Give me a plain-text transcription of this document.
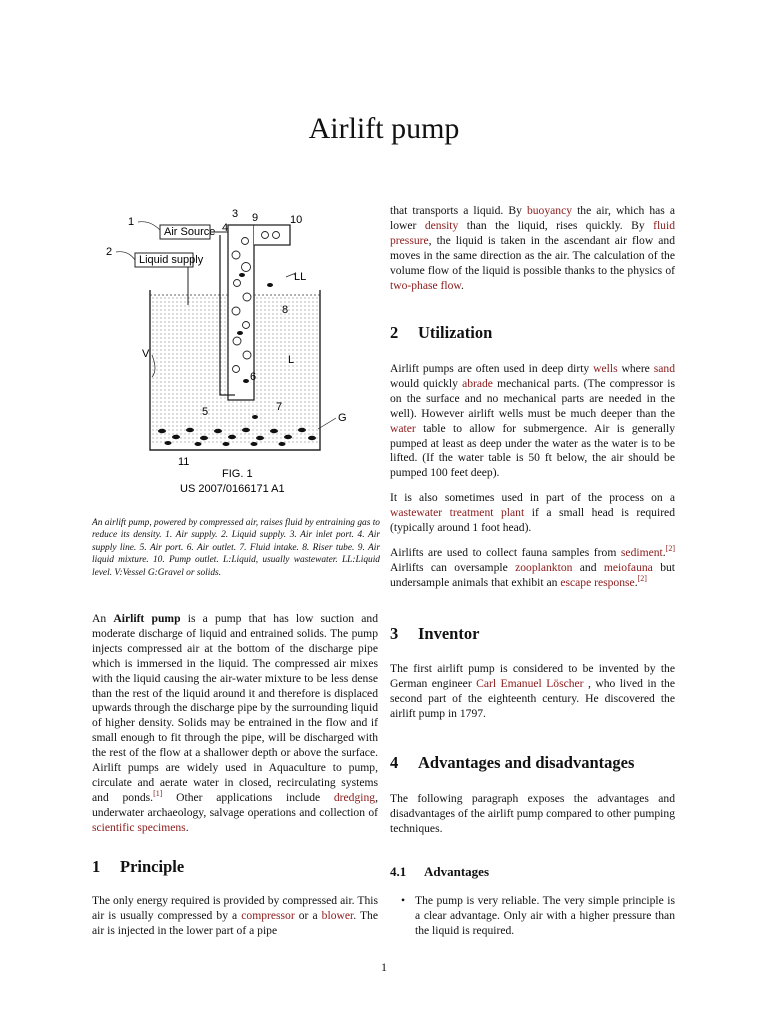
Airlift pump
Air Source
Liquid supply
1
2
3
4
5
6
7
8
9	10
11
LL
L
V
G
FIG. 1
US 2007/0166171 A1
An airlift pump, powered by compressed air, raises fluid by entraining gas to reduce its density. 1. Air supply. 2. Liquid supply. 3. Air inlet port. 4. Air supply line. 5. Air port. 6. Air outlet. 7. Fluid intake. 8. Riser tube. 9. Air liquid mixture. 10. Pump outlet. L:Liquid, usually wastewater. LL:Liquid level. V:Vessel G:Gravel or solids.

An Airlift pump is a pump that has low suction and moderate discharge of liquid and entrained solids. The pump injects compressed air at the bottom of the discharge pipe which is immersed in the liquid. The compressed air mixes with the liquid causing the air-water mixture to be less dense than the rest of the liquid around it and therefore is displaced upwards through the discharge pipe by the surrounding liquid of higher density. Solids may be entrained in the flow and if small enough to fit through the pipe, will be discharged with the rest of the flow at a shallower depth or above the surface. Airlift pumps are widely used in Aquaculture to pump, circulate and aerate water in closed, recirculating systems and ponds.[1] Other applications include dredging, underwater archaeology, salvage operations and collection of scientific specimens.

1 Principle

The only energy required is provided by compressed air. This air is usually compressed by a compressor or a blower. The air is injected in the lower part of a pipe

that transports a liquid. By buoyancy the air, which has a lower density than the liquid, rises quickly. By fluid pressure, the liquid is taken in the ascendant air flow and moves in the same direction as the air. The calculation of the volume flow of the liquid is possible thanks to the physics of two-phase flow.

2 Utilization

Airlift pumps are often used in deep dirty wells where sand would quickly abrade mechanical parts. (The compressor is on the surface and no mechanical parts are needed in the well). However airlift wells must be much deeper than the water table to allow for submergence. Air is generally pumped at least as deep under the water as the water is to be lifted. (If the water table is 50 ft below, the air should be pumped 100 feet deep).

It is also sometimes used in part of the process on a wastewater treatment plant if a small head is required (typically around 1 foot head).

Airlifts are used to collect fauna samples from sediment.[2] Airlifts can oversample zooplankton and meiofauna but undersample animals that exhibit an escape response.[2]

3 Inventor

The first airlift pump is considered to be invented by the German engineer Carl Emanuel Löscher , who lived in the second part of the eighteenth century. He discovered the airlift pump in 1797.

4 Advantages and disadvantages

The following paragraph exposes the advantages and disadvantages of the airlift pump compared to other pumping techniques.

4.1 Advantages
• The pump is very reliable. The very simple principle is a clear advantage. Only air with a higher pressure than the liquid is required.
1
